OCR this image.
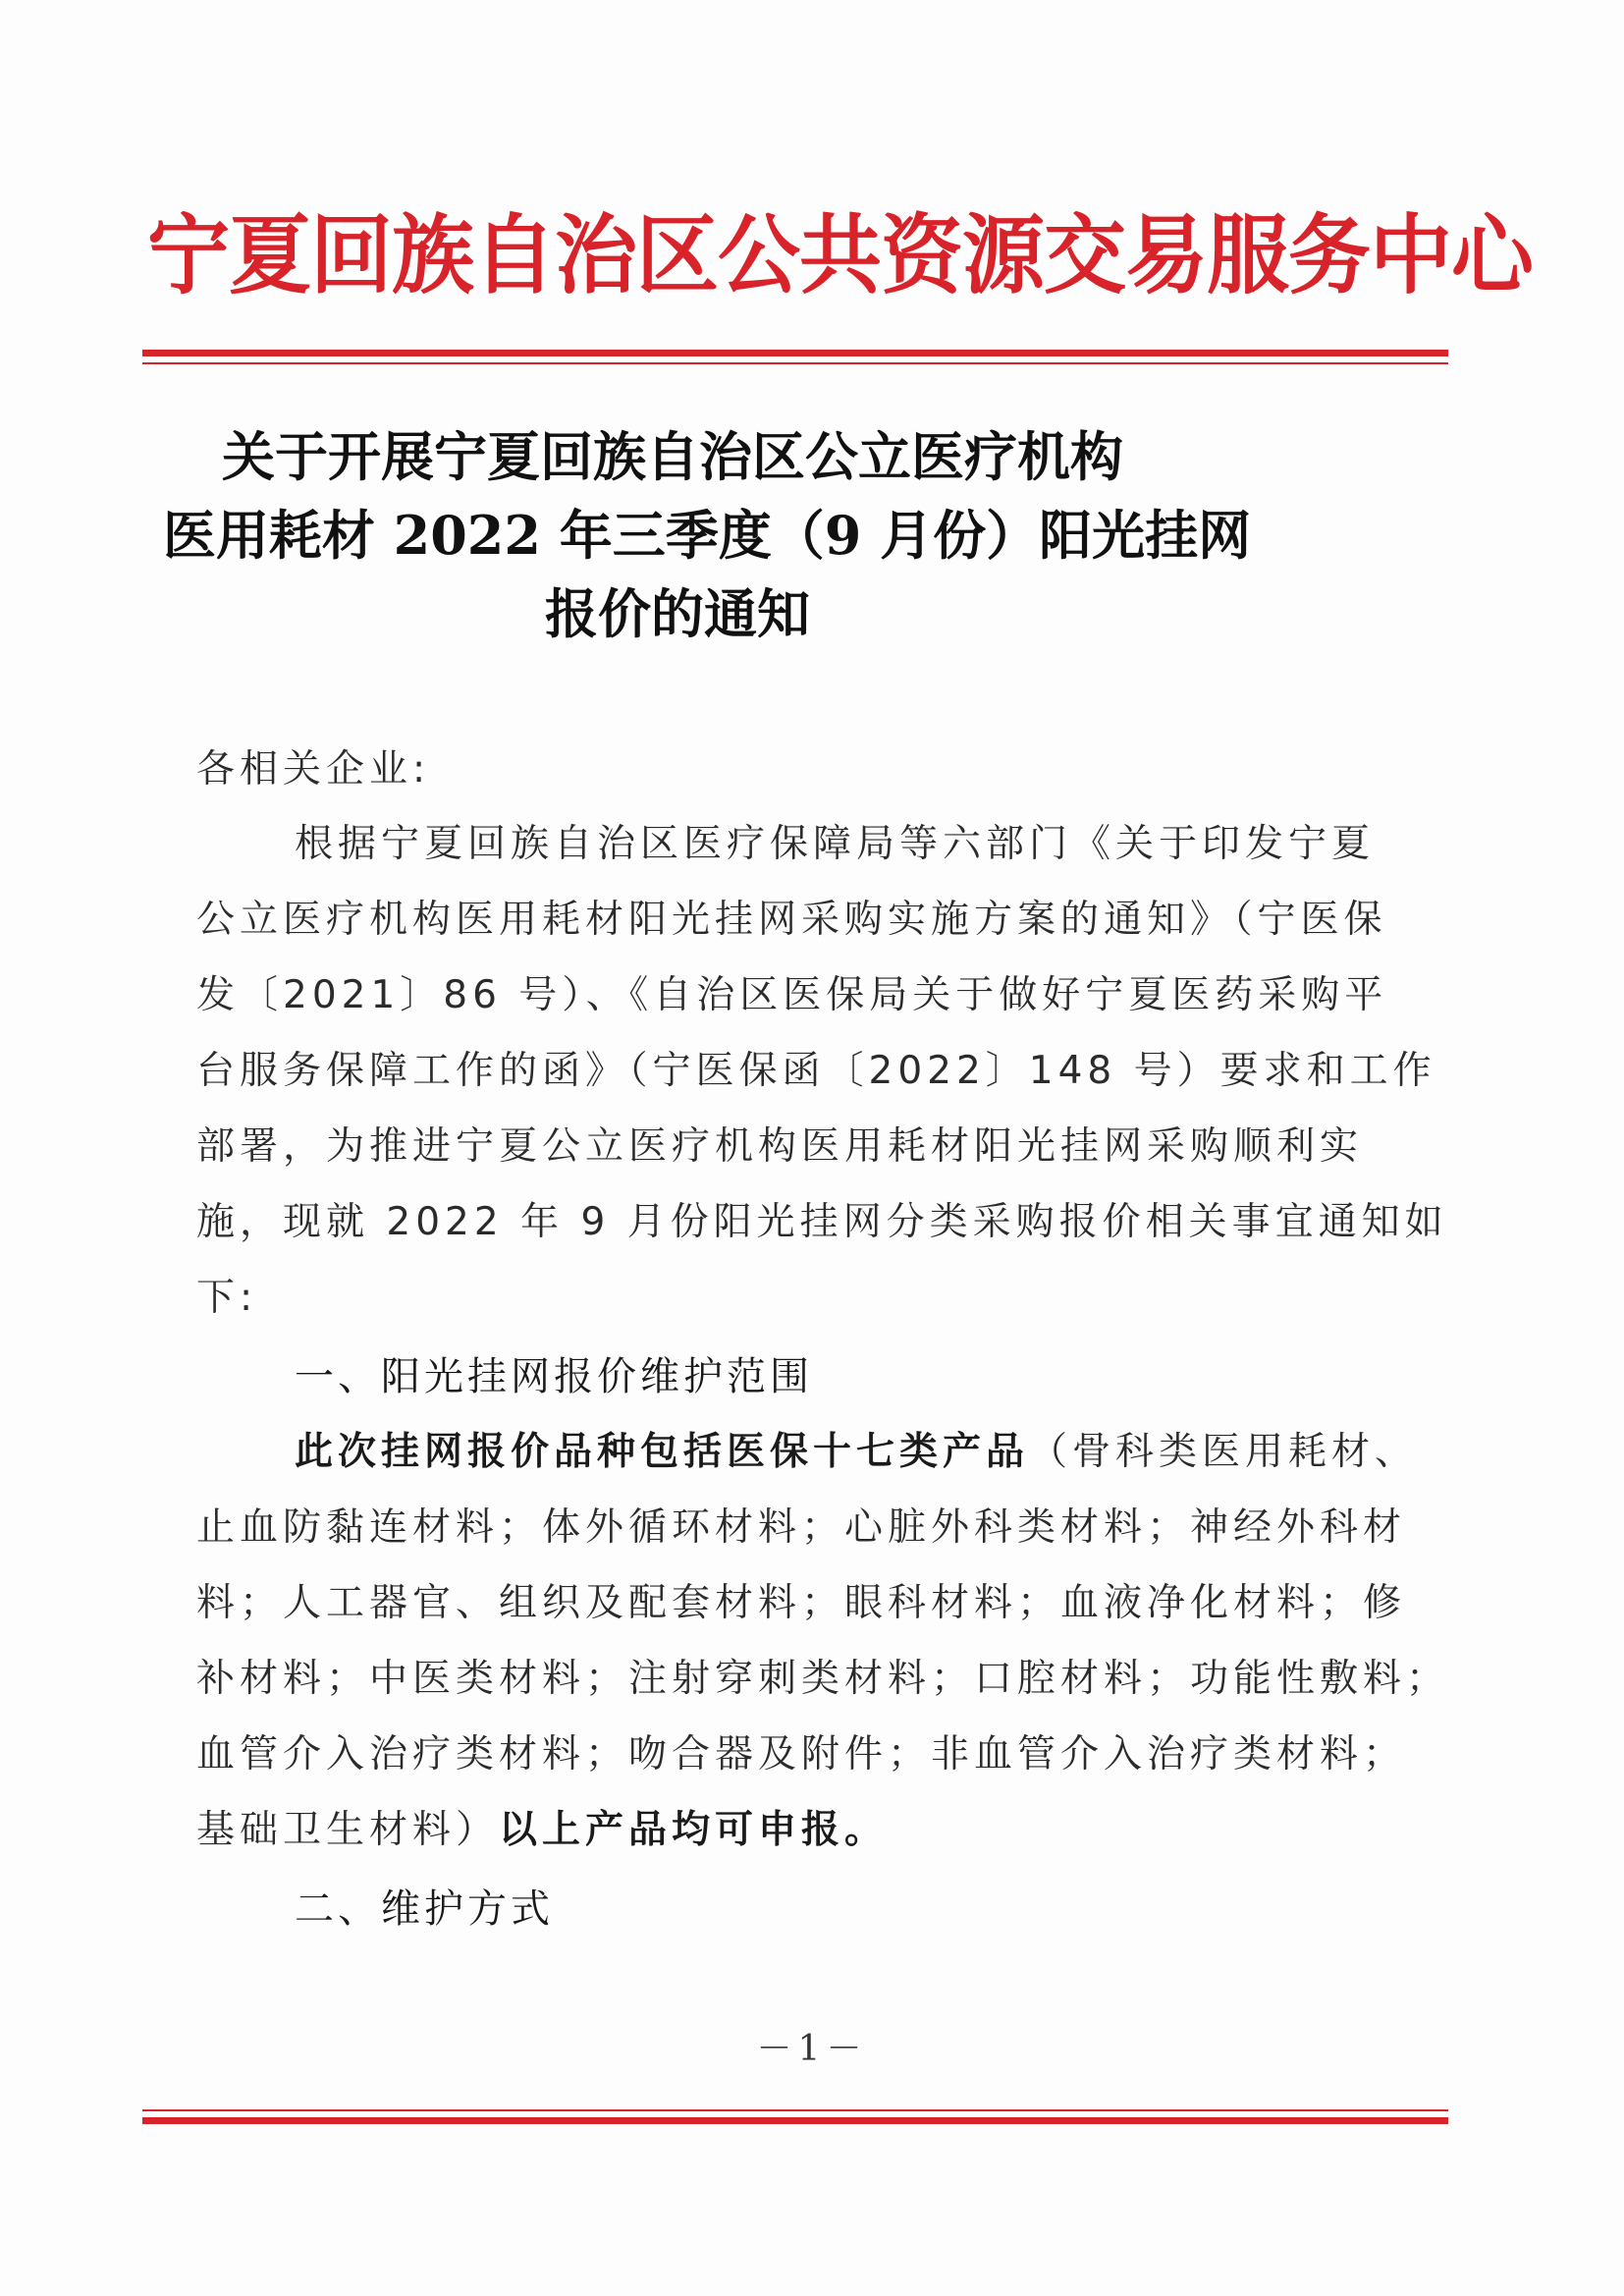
宁夏回族自治区公共资源交易服务中心
关于开展宁夏回族自治区公立医疗机构
医用耗材 2022 年三季度（9 月份）阳光挂网
报价的通知
各相关企业:
根据宁夏回族自治区医疗保障局等六部门《关于印发宁夏
公立医疗机构医用耗材阳光挂网采购实施方案的通知》（宁医保
发〔2021〕86 号）、《自治区医保局关于做好宁夏医药采购平
台服务保障工作的函》（宁医保函〔2022〕148 号）要求和工作
部署，为推进宁夏公立医疗机构医用耗材阳光挂网采购顺利实
施，现就 2022 年 9 月份阳光挂网分类采购报价相关事宜通知如
下:
一、阳光挂网报价维护范围
此次挂网报价品种包括医保十七类产品（骨科类医用耗材、
止血防黏连材料；体外循环材料；心脏外科类材料；神经外科材
料；人工器官、组织及配套材料；眼科材料；血液净化材料；修
补材料；中医类材料；注射穿刺类材料；口腔材料；功能性敷料；
血管介入治疗类材料；吻合器及附件；非血管介入治疗类材料；
基础卫生材料）以上产品均可申报。
二、维护方式
－1－
